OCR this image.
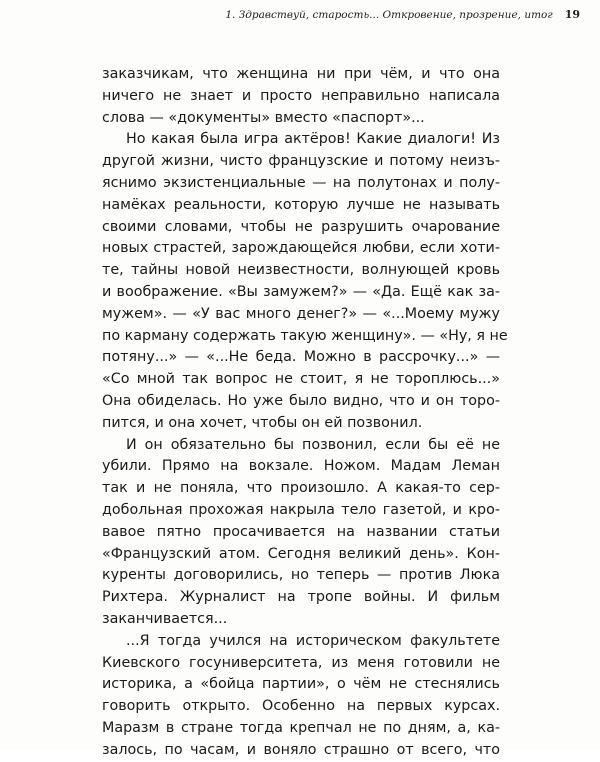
1. Здравствуй, старость... Откровение, прозрение, итог 19
заказчикам, что женщина ни при чём, и что она
ничего не знает и просто неправильно написала
слова — «документы» вместо «паспорт»...
Но какая была игра актёров! Какие диалоги! Из
другой жизни, чисто французские и потому неизъ-
яснимо экзистенциальные — на полутонах и полу-
намёках реальности, которую лучше не называть
своими словами, чтобы не разрушить очарование
новых страстей, зарождающейся любви, если хоти-
те, тайны новой неизвестности, волнующей кровь
и воображение. «Вы замужем?» — «Да. Ещё как за-
мужем». — «У вас много денег?» — «...Моему мужу
по карману содержать такую женщину». — «Ну, я не
потяну...» — «...Не беда. Можно в рассрочку...» —
«Со мной так вопрос не стоит, я не тороплюсь...»
Она обиделась. Но уже было видно, что и он торо-
пится, и она хочет, чтобы он ей позвонил.
И он обязательно бы позвонил, если бы её не
убили. Прямо на вокзале. Ножом. Мадам Леман
так и не поняла, что произошло. А какая-то сер-
добольная прохожая накрыла тело газетой, и кро-
вавое пятно просачивается на названии статьи
«Французский атом. Сегодня великий день». Кон-
куренты договорились, но теперь — против Люка
Рихтера. Журналист на тропе войны. И фильм
заканчивается...
...Я тогда учился на историческом факультете
Киевского госуниверситета, из меня готовили не
историка, а «бойца партии», о чём не стеснялись
говорить открыто. Особенно на первых курсах.
Маразм в стране тогда крепчал не по дням, а, ка-
залось, по часам, и воняло страшно от всего, что
